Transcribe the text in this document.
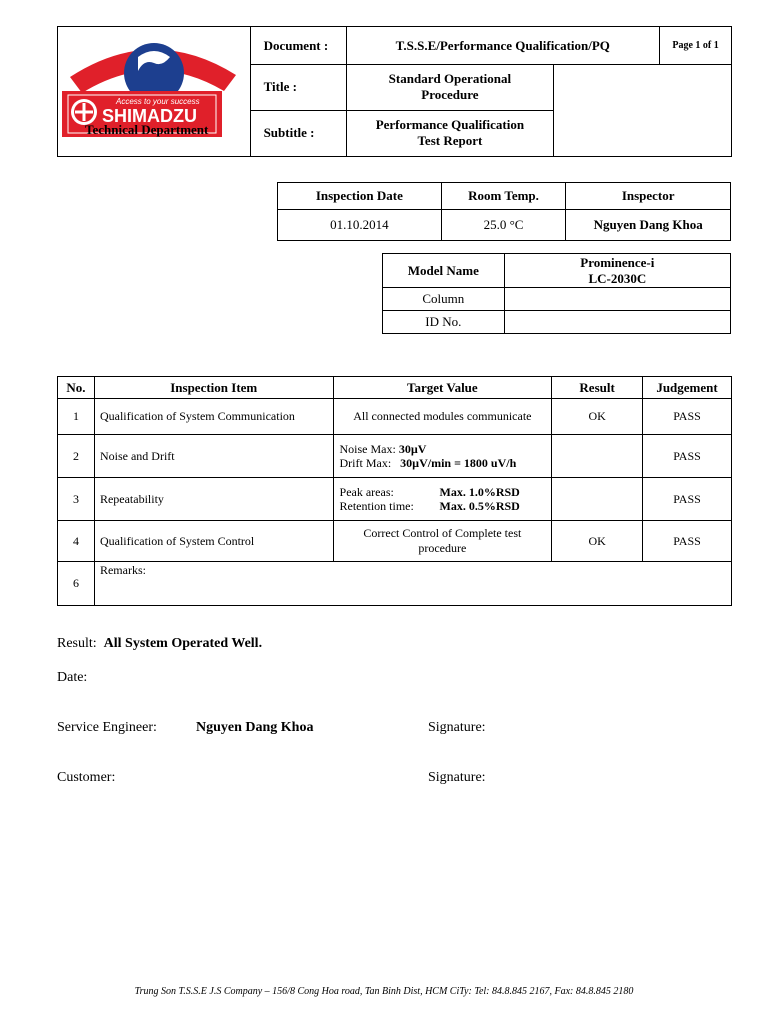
TSSE
Access to your success
SHIMADZU
Technical Department	Document :	T.S.S.E/Performance Qualification/PQ		Page 1 of 1
	Title :	Standard Operational
Procedure		

	Subtitle :	Performance Qualification
Test Report		
Inspection Date	Room Temp.	Inspector
01.10.2014	25.0 °C	Nguyen Dang Khoa
Model Name	Prominence-i
LC-2030C

Column	
ID No.	
No.	Inspection Item	Target Value	Result	Judgement
1	Qualification of System Communication	All connected modules communicate	OK	PASS
2	Noise and Drift	Noise Max: 30µV
Drift Max: 30µV/min = 1800 uV/h		PASS
3	Repeatability	Peak areas: Max. 1.0%RSD
Retention time: Max. 0.5%RSD		PASS
4	Qualification of System Control	Correct Control of Complete test
procedure	OK	PASS
6	Remarks:			
Result: All System Operated Well.
Date:
Service Engineer:	Nguyen Dang Khoa	Signature:
Customer:	Signature:
Trung Son T.S.S.E J.S Company – 156/8 Cong Hoa road, Tan Binh Dist, HCM CiTy: Tel: 84.8.845 2167, Fax: 84.8.845 2180
